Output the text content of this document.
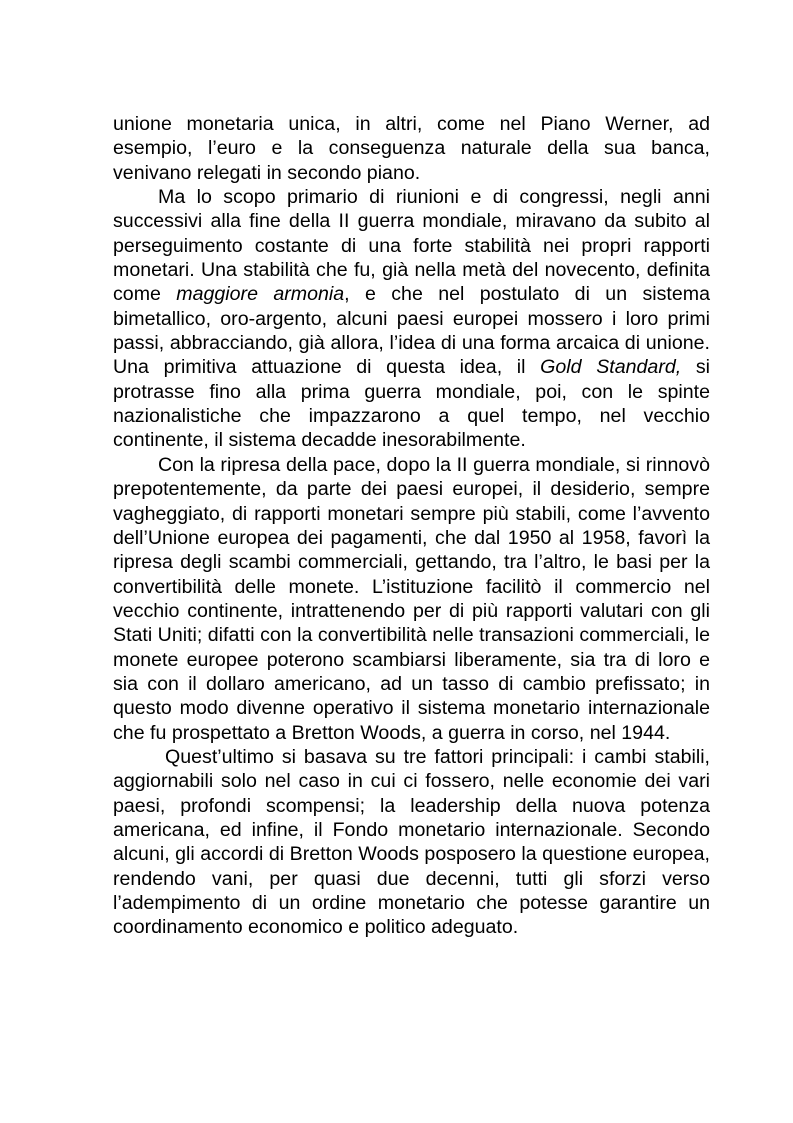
unione monetaria unica, in altri, come nel Piano Werner, ad esempio, l’euro e la conseguenza naturale della sua banca, venivano relegati in secondo piano.

Ma lo scopo primario di riunioni e di congressi, negli anni successivi alla fine della II guerra mondiale, miravano da subito al perseguimento costante di una forte stabilità nei propri rapporti monetari. Una stabilità che fu, già nella metà del novecento, definita come maggiore armonia, e che nel postulato di un sistema bimetallico, oro-argento, alcuni paesi europei mossero i loro primi passi, abbracciando, già allora, l’idea di una forma arcaica di unione. Una primitiva attuazione di questa idea, il Gold Standard, si protrasse fino alla prima guerra mondiale, poi, con le spinte nazionalistiche che impazzarono a quel tempo, nel vecchio continente, il sistema decadde inesorabilmente.

Con la ripresa della pace, dopo la II guerra mondiale, si rinnovò prepotentemente, da parte dei paesi europei, il desiderio, sempre vagheggiato, di rapporti monetari sempre più stabili, come l’avvento dell’Unione europea dei pagamenti, che dal 1950 al 1958, favorì la ripresa degli scambi commerciali, gettando, tra l’altro, le basi per la convertibilità delle monete. L’istituzione facilitò il commercio nel vecchio continente, intrattenendo per di più rapporti valutari con gli Stati Uniti; difatti con la convertibilità nelle transazioni commerciali, le monete europee poterono scambiarsi liberamente, sia tra di loro e sia con il dollaro americano, ad un tasso di cambio prefissato; in questo modo divenne operativo il sistema monetario internazionale che fu prospettato a Bretton Woods, a guerra in corso, nel 1944.

Quest’ultimo si basava su tre fattori principali: i cambi stabili, aggiornabili solo nel caso in cui ci fossero, nelle economie dei vari paesi, profondi scompensi; la leadership della nuova potenza americana, ed infine, il Fondo monetario internazionale. Secondo alcuni, gli accordi di Bretton Woods posposero la questione europea, rendendo vani, per quasi due decenni, tutti gli sforzi verso l’adempimento di un ordine monetario che potesse garantire un coordinamento economico e politico adeguato.
